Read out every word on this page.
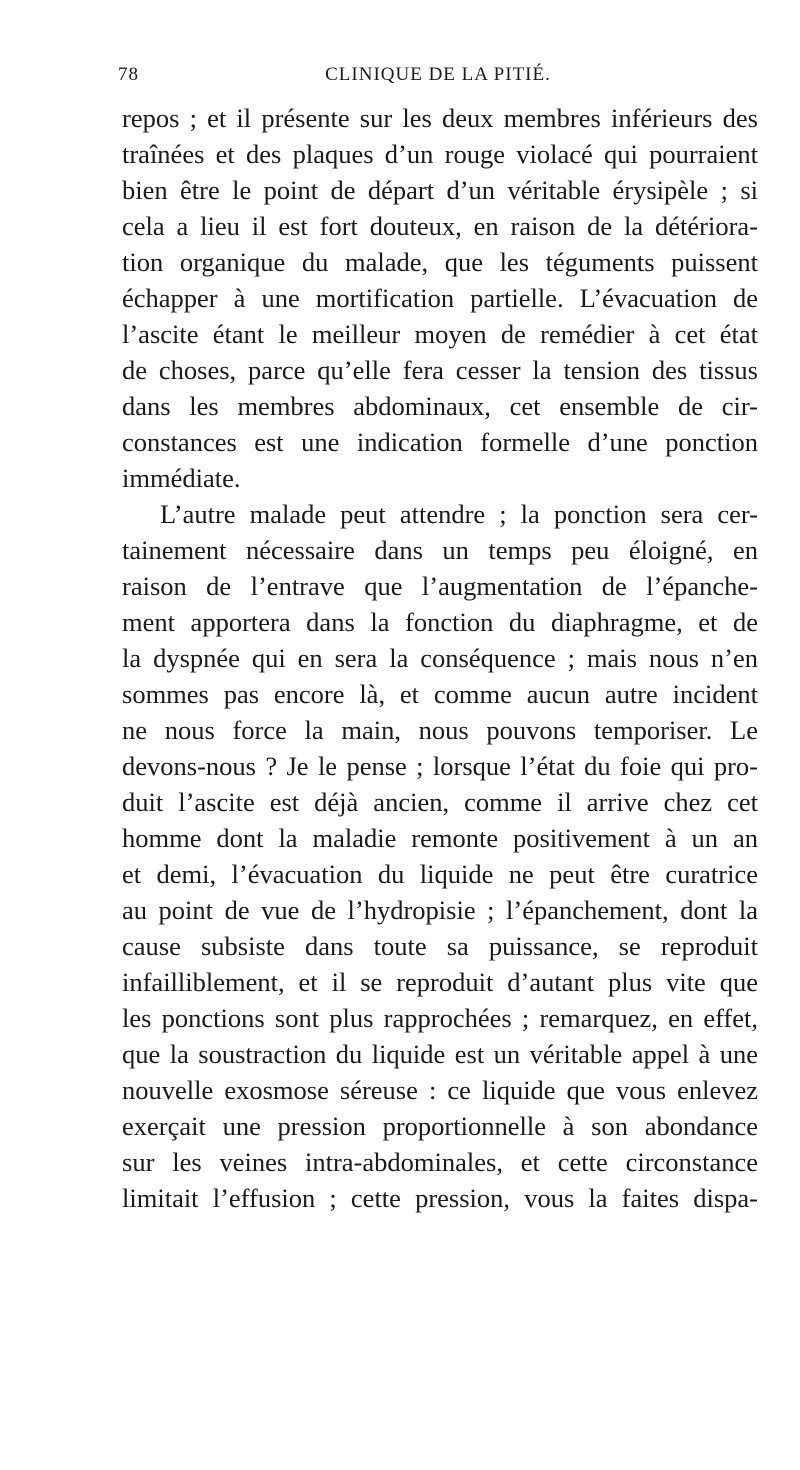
78	CLINIQUE DE LA PITIÉ.
repos ; et il présente sur les deux membres inférieurs des
traînées et des plaques d’un rouge violacé qui pourraient
bien être le point de départ d’un véritable érysipèle ; si
cela a lieu il est fort douteux, en raison de la détériora-
tion organique du malade, que les téguments puissent
échapper à une mortification partielle. L’évacuation de
l’ascite étant le meilleur moyen de remédier à cet état
de choses, parce qu’elle fera cesser la tension des tissus
dans les membres abdominaux, cet ensemble de cir-
constances est une indication formelle d’une ponction
immédiate.
L’autre malade peut attendre ; la ponction sera cer-
tainement nécessaire dans un temps peu éloigné, en
raison de l’entrave que l’augmentation de l’épanche-
ment apportera dans la fonction du diaphragme, et de
la dyspnée qui en sera la conséquence ; mais nous n’en
sommes pas encore là, et comme aucun autre incident
ne nous force la main, nous pouvons temporiser. Le
devons-nous ? Je le pense ; lorsque l’état du foie qui pro-
duit l’ascite est déjà ancien, comme il arrive chez cet
homme dont la maladie remonte positivement à un an
et demi, l’évacuation du liquide ne peut être curatrice
au point de vue de l’hydropisie ; l’épanchement, dont la
cause subsiste dans toute sa puissance, se reproduit
infailliblement, et il se reproduit d’autant plus vite que
les ponctions sont plus rapprochées ; remarquez, en effet,
que la soustraction du liquide est un véritable appel à une
nouvelle exosmose séreuse : ce liquide que vous enlevez
exerçait une pression proportionnelle à son abondance
sur les veines intra-abdominales, et cette circonstance
limitait l’effusion ; cette pression, vous la faites dispa-
